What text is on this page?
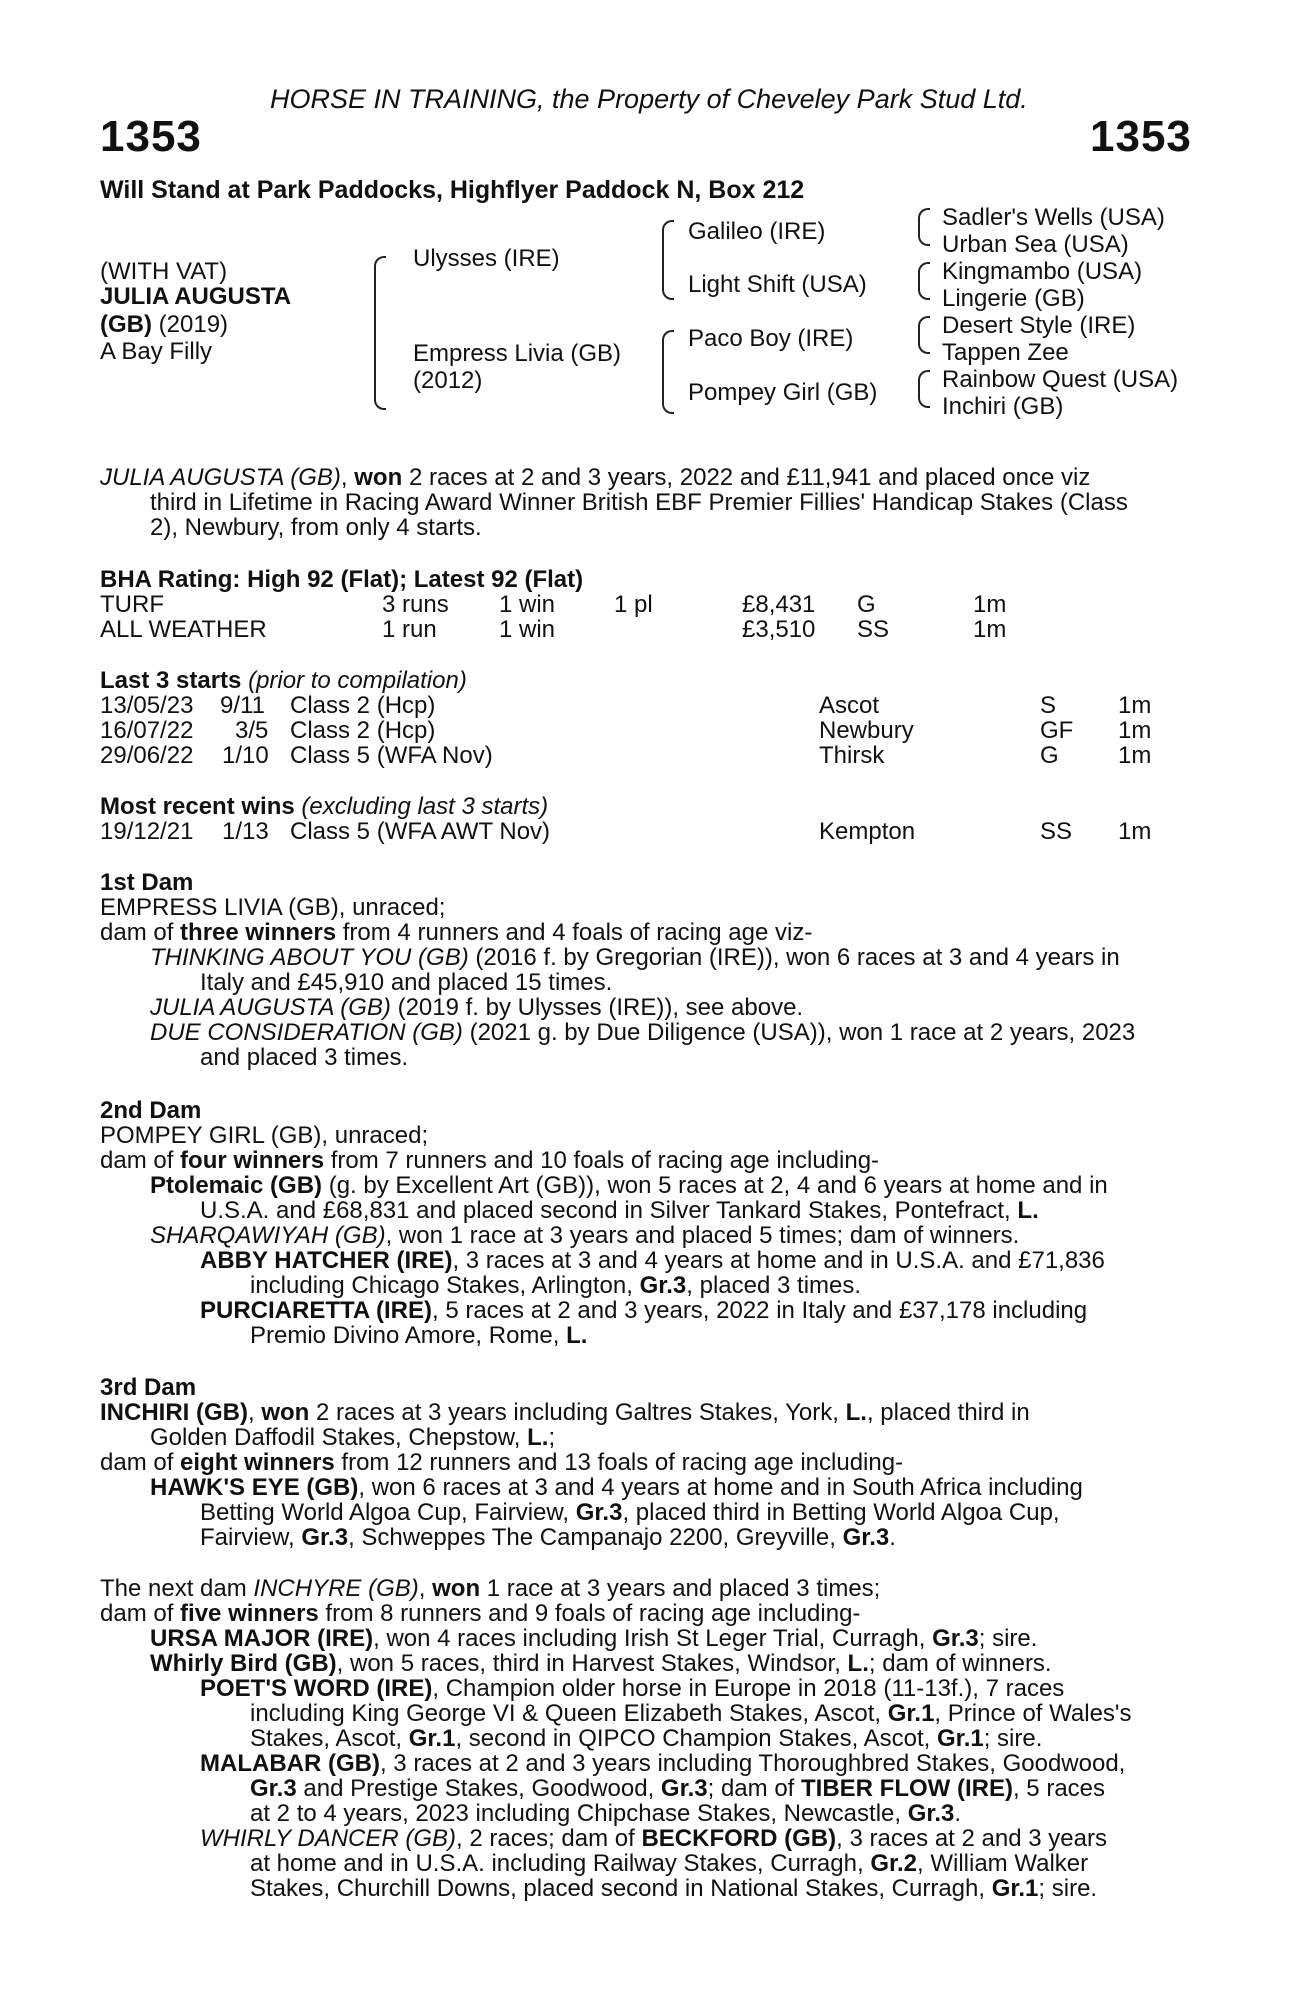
HORSE IN TRAINING, the Property of Cheveley Park Stud Ltd.
1353	1353
Will Stand at Park Paddocks, Highflyer Paddock N, Box 212
(WITH VAT)
JULIA AUGUSTA
(GB) (2019)
A Bay Filly
Ulysses (IRE)
Empress Livia (GB)
(2012)
Galileo (IRE)
Light Shift (USA)
Paco Boy (IRE)
Pompey Girl (GB)
Sadler's Wells (USA)
Urban Sea (USA)
Kingmambo (USA)
Lingerie (GB)
Desert Style (IRE)
Tappen Zee
Rainbow Quest (USA)
Inchiri (GB)
JULIA AUGUSTA (GB), won 2 races at 2 and 3 years, 2022 and £11,941 and placed once viz
third in Lifetime in Racing Award Winner British EBF Premier Fillies' Handicap Stakes (Class
2), Newbury, from only 4 starts.
BHA Rating: High 92 (Flat); Latest 92 (Flat)
TURF	3 runs 1 win 1 pl	£8,431 G	1m
ALL WEATHER	1 run	1 win	£3,510 SS	1m
Last 3 starts (prior to compilation)
13/05/23 9/11 Class 2 (Hcp)	Ascot	S	1m
16/07/22 3/5 Class 2 (Hcp)	Newbury	GF 1m
29/06/22 1/10 Class 5 (WFA Nov)	Thirsk	G 1m
Most recent wins (excluding last 3 starts)
19/12/21 1/13 Class 5 (WFA AWT Nov)	Kempton	SS 1m
1st Dam
EMPRESS LIVIA (GB), unraced;
dam of three winners from 4 runners and 4 foals of racing age viz-
THINKING ABOUT YOU (GB) (2016 f. by Gregorian (IRE)), won 6 races at 3 and 4 years in
Italy and £45,910 and placed 15 times.
JULIA AUGUSTA (GB) (2019 f. by Ulysses (IRE)), see above.
DUE CONSIDERATION (GB) (2021 g. by Due Diligence (USA)), won 1 race at 2 years, 2023
and placed 3 times.
2nd Dam
POMPEY GIRL (GB), unraced;
dam of four winners from 7 runners and 10 foals of racing age including-
Ptolemaic (GB) (g. by Excellent Art (GB)), won 5 races at 2, 4 and 6 years at home and in
U.S.A. and £68,831 and placed second in Silver Tankard Stakes, Pontefract, L.
SHARQAWIYAH (GB), won 1 race at 3 years and placed 5 times; dam of winners.
ABBY HATCHER (IRE), 3 races at 3 and 4 years at home and in U.S.A. and £71,836
including Chicago Stakes, Arlington, Gr.3, placed 3 times.
PURCIARETTA (IRE), 5 races at 2 and 3 years, 2022 in Italy and £37,178 including
Premio Divino Amore, Rome, L.
3rd Dam
INCHIRI (GB), won 2 races at 3 years including Galtres Stakes, York, L., placed third in
Golden Daffodil Stakes, Chepstow, L.;
dam of eight winners from 12 runners and 13 foals of racing age including-
HAWK'S EYE (GB), won 6 races at 3 and 4 years at home and in South Africa including
Betting World Algoa Cup, Fairview, Gr.3, placed third in Betting World Algoa Cup,
Fairview, Gr.3, Schweppes The Campanajo 2200, Greyville, Gr.3.
The next dam INCHYRE (GB), won 1 race at 3 years and placed 3 times;
dam of five winners from 8 runners and 9 foals of racing age including-
URSA MAJOR (IRE), won 4 races including Irish St Leger Trial, Curragh, Gr.3; sire.
Whirly Bird (GB), won 5 races, third in Harvest Stakes, Windsor, L.; dam of winners.
POET'S WORD (IRE), Champion older horse in Europe in 2018 (11-13f.), 7 races
including King George VI & Queen Elizabeth Stakes, Ascot, Gr.1, Prince of Wales's
Stakes, Ascot, Gr.1, second in QIPCO Champion Stakes, Ascot, Gr.1; sire.
MALABAR (GB), 3 races at 2 and 3 years including Thoroughbred Stakes, Goodwood,
Gr.3 and Prestige Stakes, Goodwood, Gr.3; dam of TIBER FLOW (IRE), 5 races
at 2 to 4 years, 2023 including Chipchase Stakes, Newcastle, Gr.3.
WHIRLY DANCER (GB), 2 races; dam of BECKFORD (GB), 3 races at 2 and 3 years
at home and in U.S.A. including Railway Stakes, Curragh, Gr.2, William Walker
Stakes, Churchill Downs, placed second in National Stakes, Curragh, Gr.1; sire.
